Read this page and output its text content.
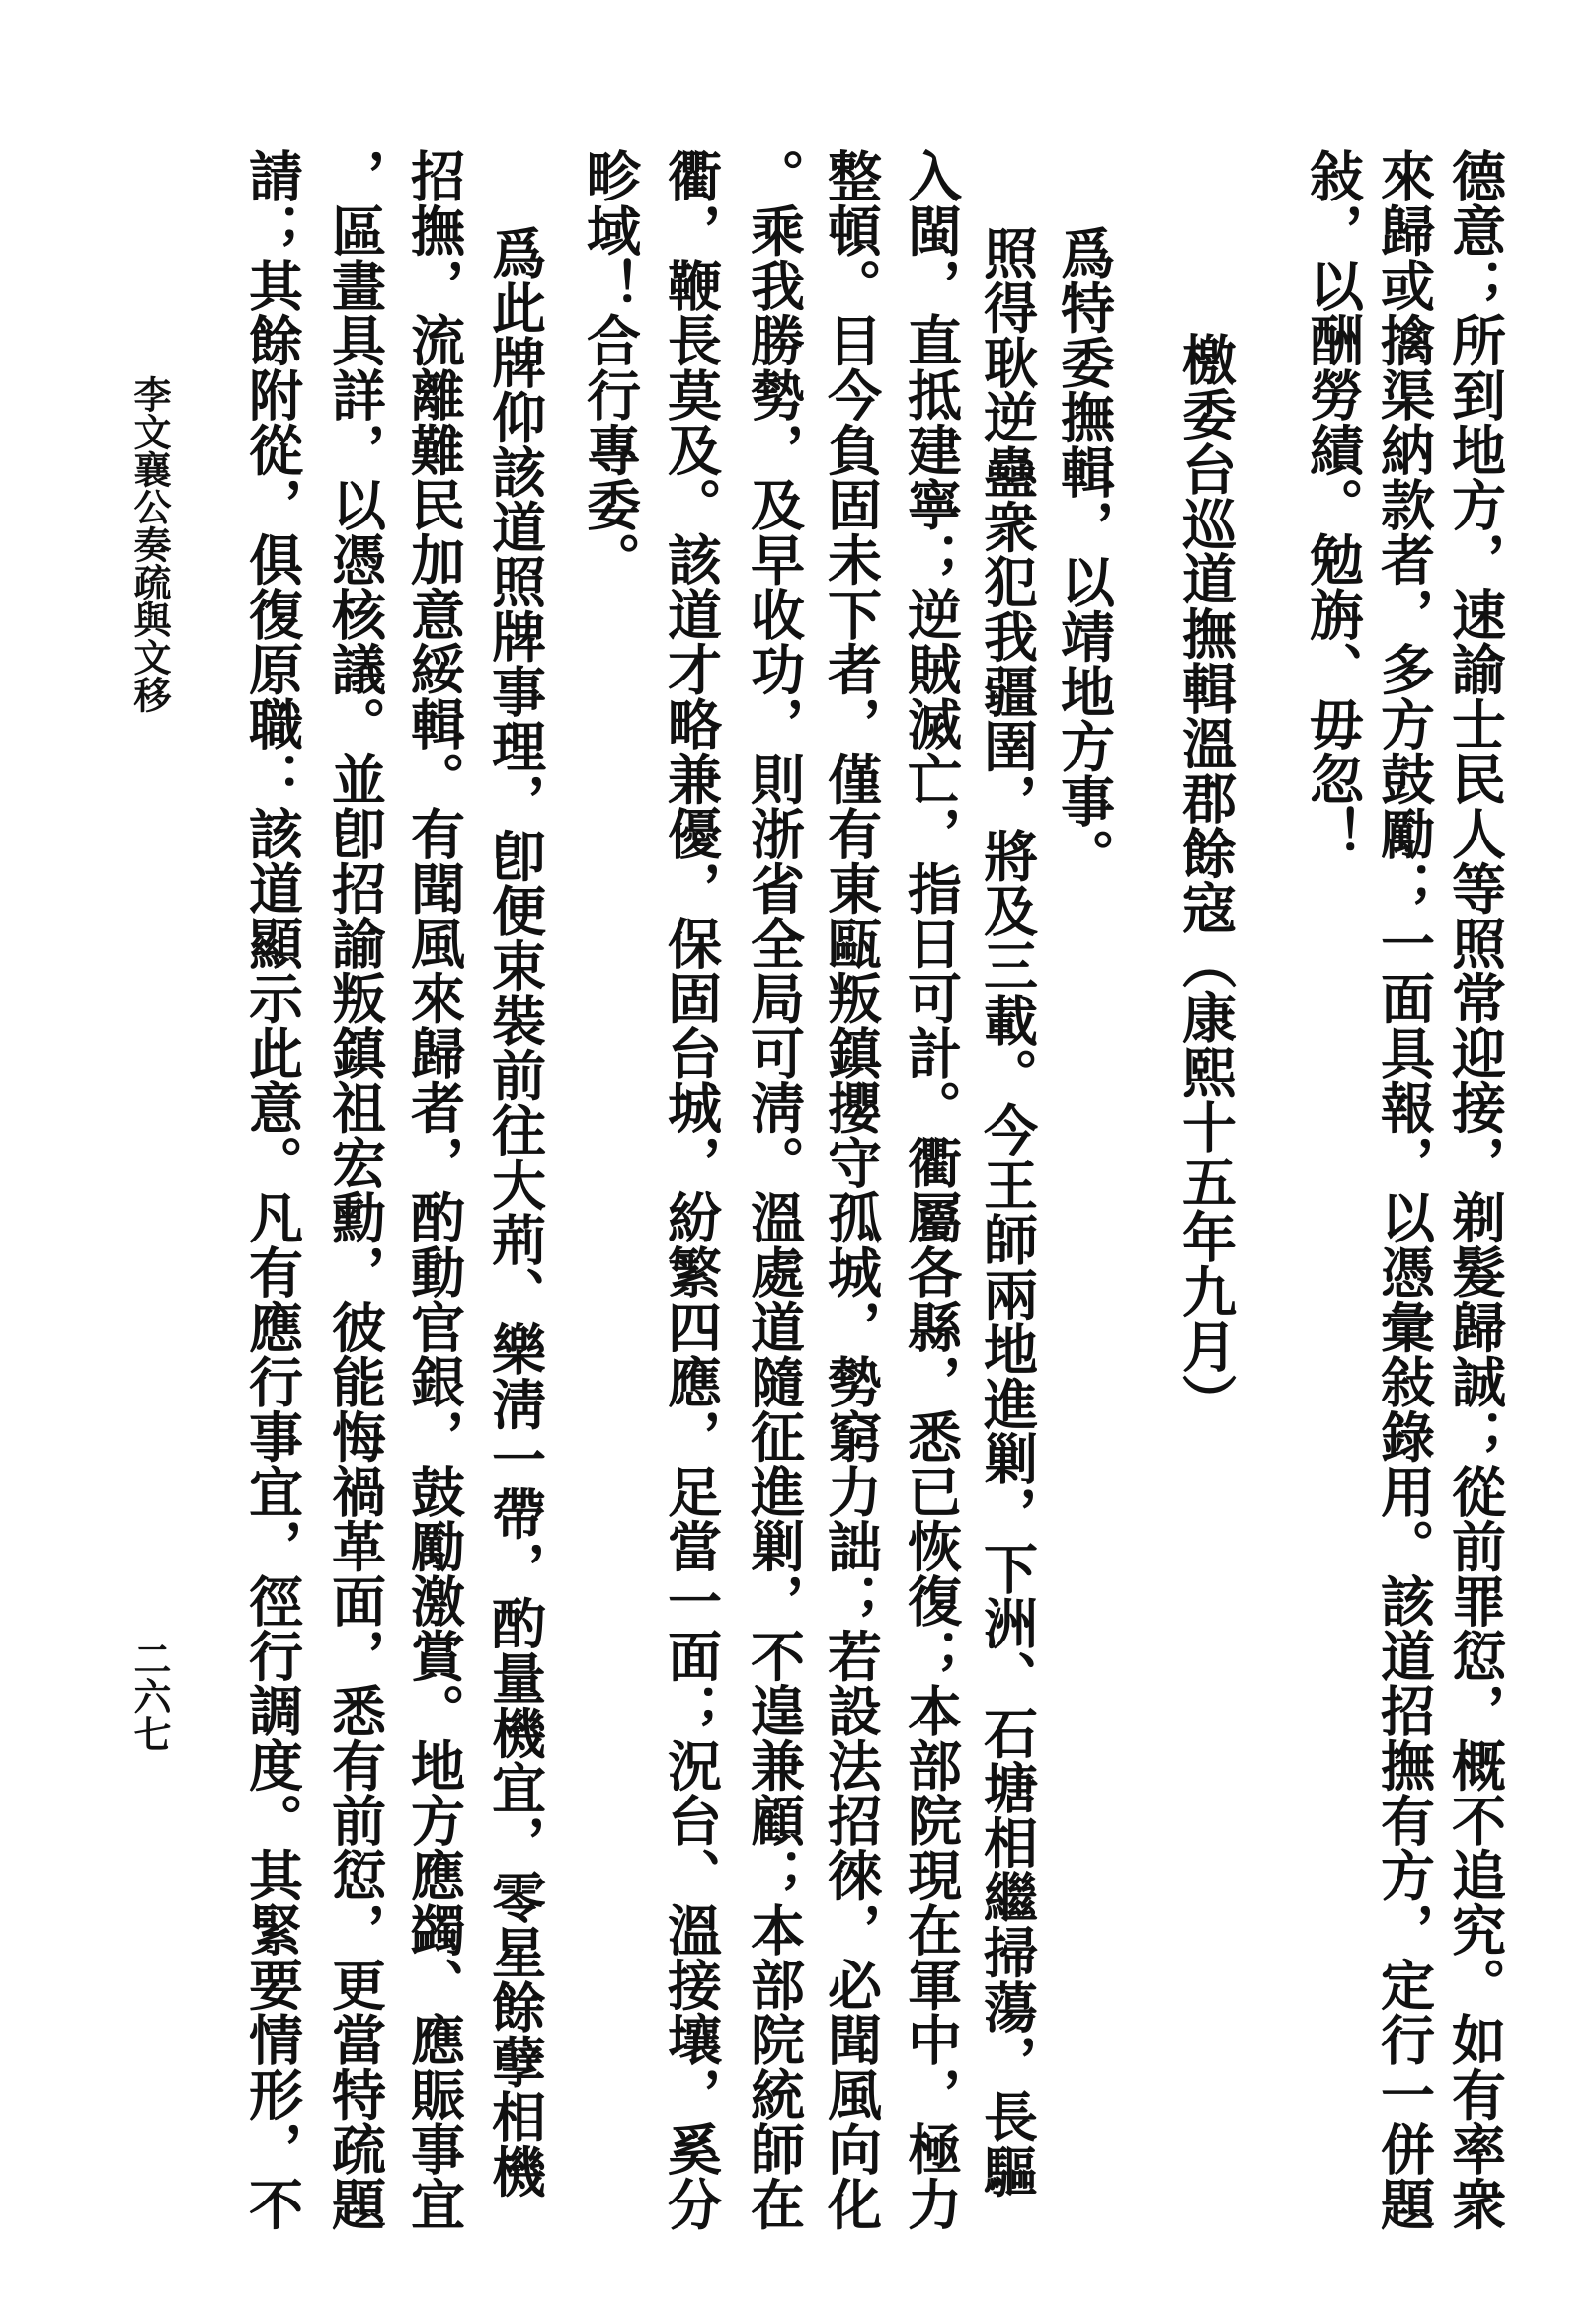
德意；所到地方，速諭士民人等照常迎接，剃髮歸誠；從前罪愆，概不追究。如有率衆
來歸或擒渠納款者，多方鼓勵；一面具報，以憑彙敍錄用。該道招撫有方，定行一併題
敍，以酬勞績。勉旃、毋忽！
檄委台巡道撫輯溫郡餘寇（康熙十五年九月）
爲特委撫輯，以靖地方事。
照得耿逆蠱衆犯我疆圉，將及三載。今王師兩地進剿，下洲、石塘相繼掃蕩，長驅
入閩，直抵建寧；逆賊滅亡，指日可計。衢屬各縣，悉已恢復；本部院現在軍中，極力
整頓。目今負固未下者，僅有東甌叛鎮攖守孤城，勢窮力詘；若設法招徠，必聞風向化
。乘我勝勢，及早收功，則浙省全局可淸。溫處道隨征進剿，不遑兼顧；本部院統師在
衢，鞭長莫及。該道才略兼優，保固台城，紛繁四應，足當一面；況台、溫接壤，奚分
畛域！合行專委。
爲此牌仰該道照牌事理，卽便束裝前往大荊、樂淸一帶，酌量機宜，零星餘孽相機
招撫，流離難民加意綏輯。有聞風來歸者，酌動官銀，鼓勵激賞。地方應蠲、應賑事宜
，區畫具詳，以憑核議。並卽招諭叛鎮祖宏勳，彼能悔禍革面，悉有前愆，更當特疏題
請；其餘附從，俱復原職：該道顯示此意。凡有應行事宜，徑行調度。其緊要情形，不
李文襄公奏疏與文移
二六七
